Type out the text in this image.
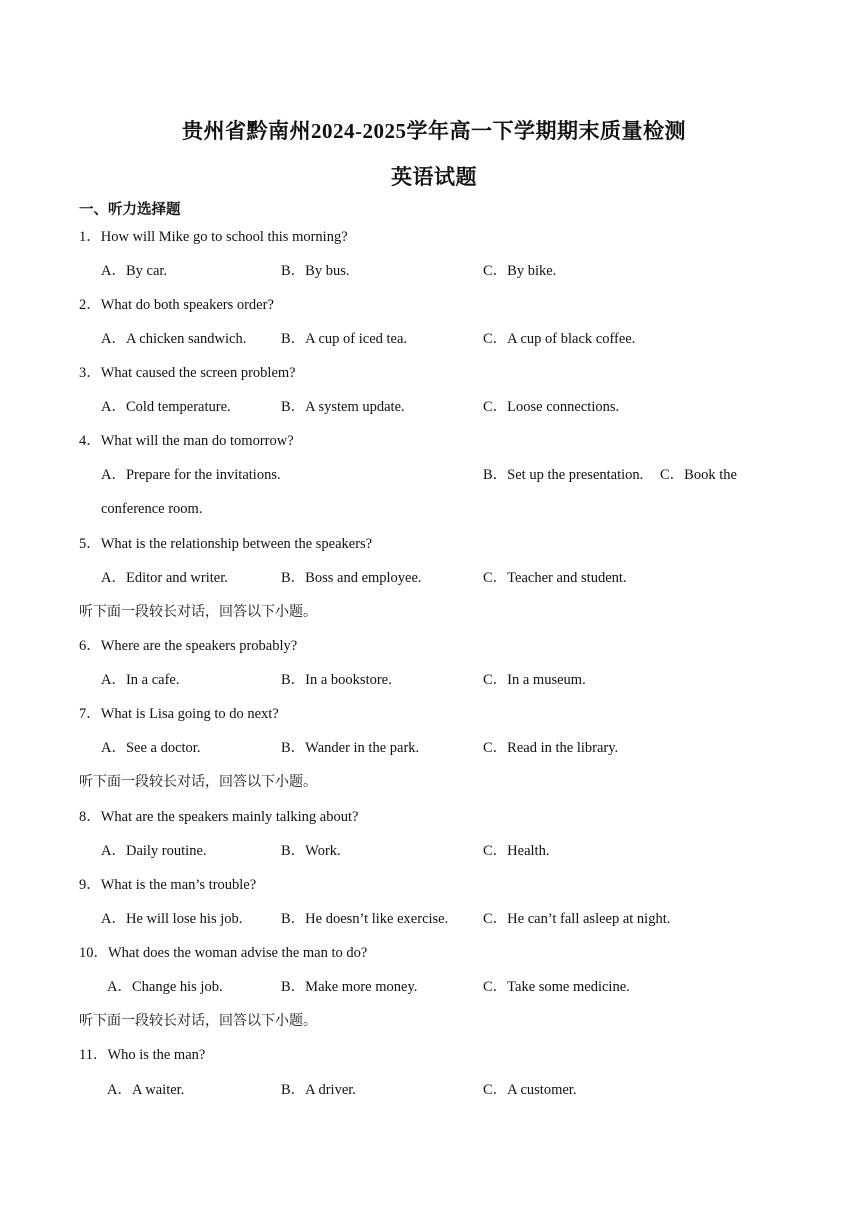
贵州省黔南州2024-2025学年高一下学期期末质量检测
英语试题
一、听力选择题
1．How will Mike go to school this morning?
A．By car.	B．By bus.	C．By bike.
2．What do both speakers order?
A．A chicken sandwich. B．A cup of iced tea.	C．A cup of black coffee.
3．What caused the screen problem?
A．Cold temperature.	B．A system update.	C．Loose connections.
4．What will the man do tomorrow?
A．Prepare for the invitations.	B．Set up the presentation. C．Book the
conference room.
5．What is the relationship between the speakers?
A．Editor and writer.	B．Boss and employee.	C．Teacher and student.
听下面一段较长对话，回答以下小题。
6．Where are the speakers probably?
A．In a cafe.	B．In a bookstore.	C．In a museum.
7．What is Lisa going to do next?
A．See a doctor.	B．Wander in the park.	C．Read in the library.
听下面一段较长对话，回答以下小题。
8．What are the speakers mainly talking about?
A．Daily routine.	B．Work.	C．Health.
9．What is the man’s trouble?
A．He will lose his job.	B．He doesn’t like exercise. C．He can’t fall asleep at night.
10．What does the woman advise the man to do?
A．Change his job.	B．Make more money.	C．Take some medicine.
听下面一段较长对话，回答以下小题。
11．Who is the man?
A．A waiter.	B．A driver.	C．A customer.
